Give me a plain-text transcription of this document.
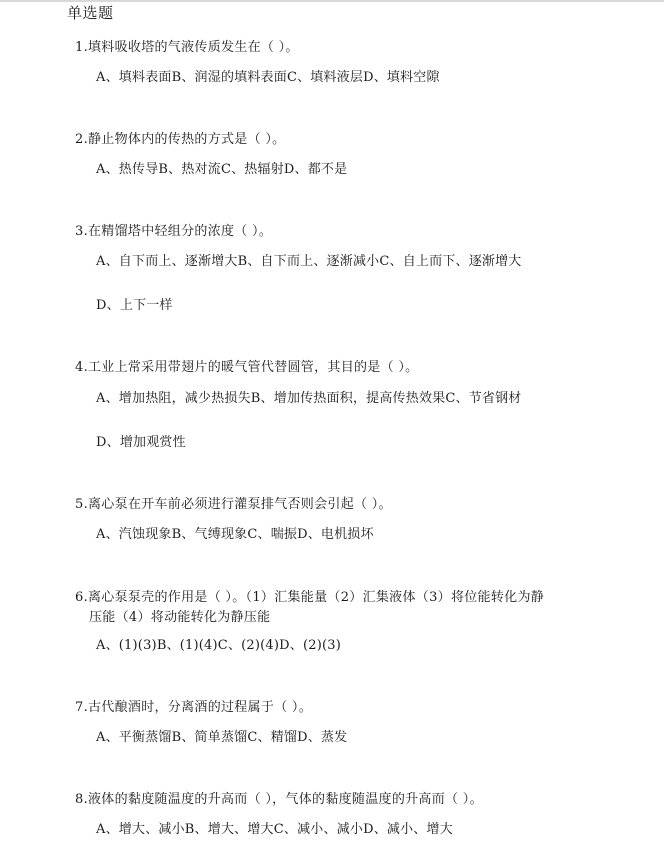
单选题
1.填料吸收塔的气液传质发生在（ ）。
A、填料表面B、润湿的填料表面C、填料液层D、填料空隙
2.静止物体内的传热的方式是（ ）。
A、热传导B、热对流C、热辐射D、都不是
3.在精馏塔中轻组分的浓度（ ）。
A、自下而上、逐渐增大B、自下而上、逐渐减小C、自上而下、逐渐增大
D、上下一样
4.工业上常采用带翅片的暖气管代替圆管，其目的是（ ）。
A、增加热阻，减少热损失B、增加传热面积，提高传热效果C、节省钢材
D、增加观赏性
5.离心泵在开车前必须进行灌泵排气否则会引起（ ）。
A、汽蚀现象B、气缚现象C、喘振D、电机损坏
6.离心泵泵壳的作用是（ ）。（1）汇集能量（2）汇集液体（3）将位能转化为静
压能（4）将动能转化为静压能
A、(1)(3)B、(1)(4)C、(2)(4)D、(2)(3)
7.古代酿酒时，分离酒的过程属于（ ）。
A、平衡蒸馏B、简单蒸馏C、精馏D、蒸发
8.液体的黏度随温度的升高而（ ），气体的黏度随温度的升高而（ ）。
A、增大、减小B、增大、增大C、减小、减小D、减小、增大
